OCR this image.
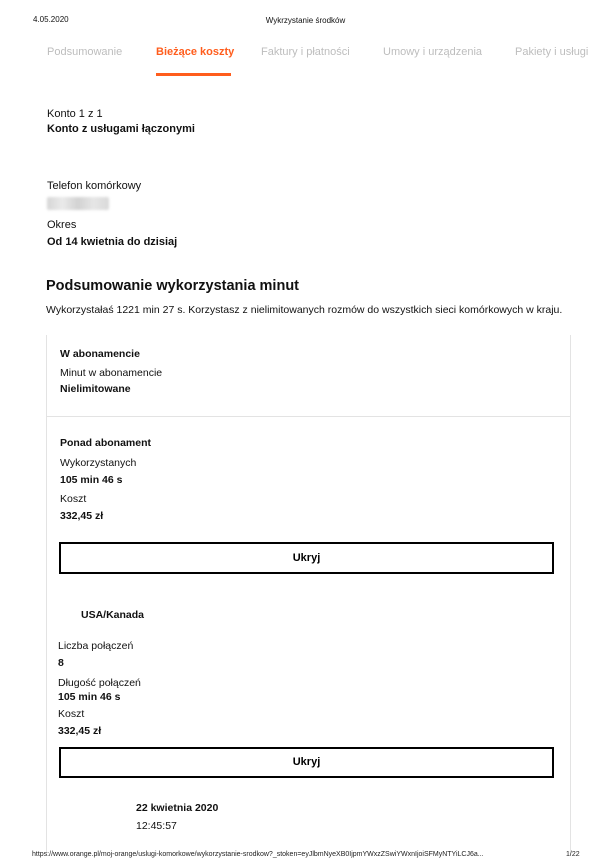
4.05.2020	Wykrzystanie środków
Podsumowanie	Bieżące koszty Faktury i płatności	Umowy i urządzenia	Pakiety i usługi
Konto 1 z 1
Konto z usługami łączonymi
Telefon komórkowy
Okres
Od 14 kwietnia do dzisiaj
Podsumowanie wykorzystania minut
Wykorzystałaś 1221 min 27 s. Korzystasz z nielimitowanych rozmów do wszystkich sieci komórkowych w kraju.
W abonamencie
Minut w abonamencie
Nielimitowane
Ponad abonament
Wykorzystanych
105 min 46 s
Koszt
332,45 zł
Ukryj
USA/Kanada
Liczba połączeń
8
Długość połączeń
105 min 46 s
Koszt
332,45 zł
Ukryj
22 kwietnia 2020
12:45:57
https://www.orange.pl/moj-orange/uslugi-komorkowe/wykorzystanie-srodkow?_stoken=eyJlbmNyeXB0IjpmYWxzZSwiYWxnIjoiSFMyNTYiLCJ6a...	1/22
